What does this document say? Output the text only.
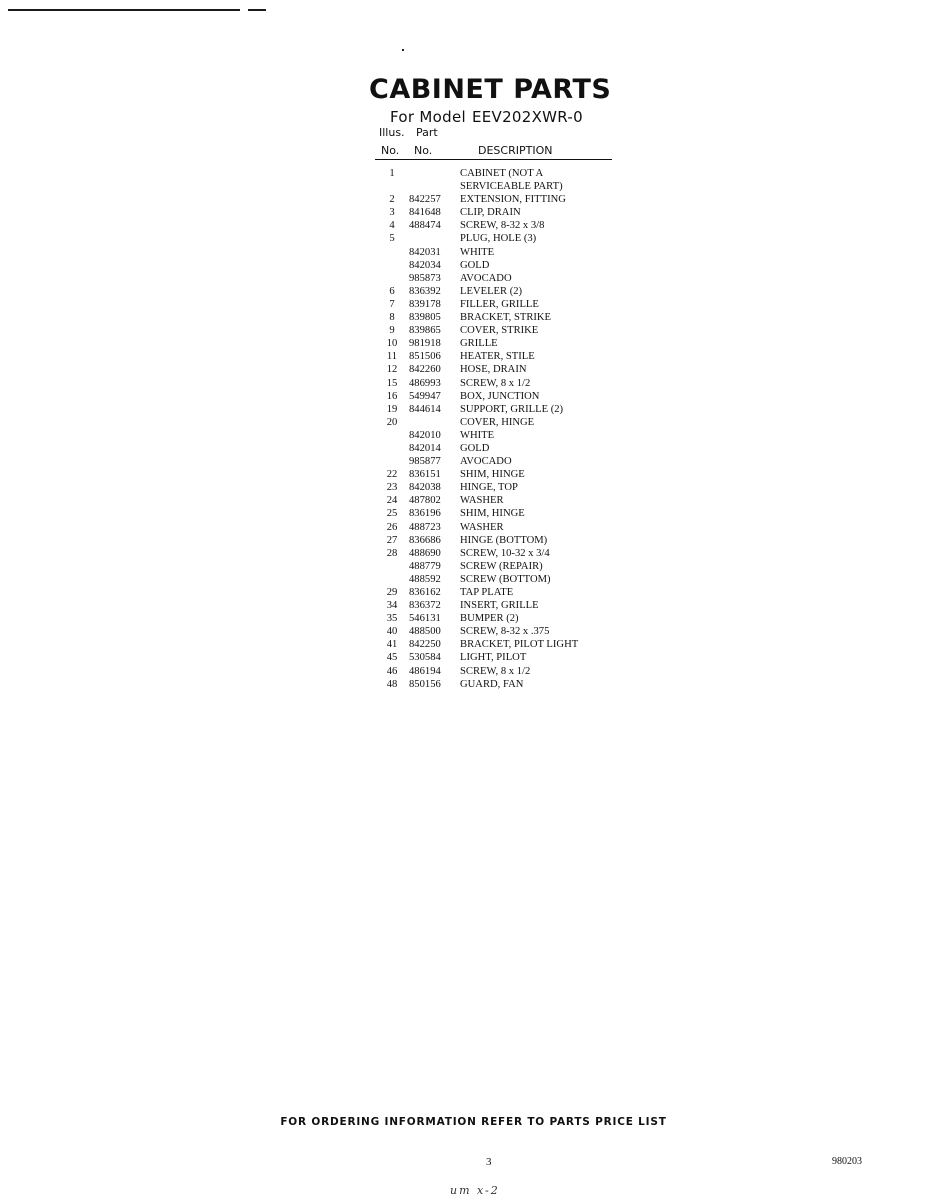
CABINET PARTS
For Model EEV202XWR-0
Illus.
No.
Part
No.	DESCRIPTION
1	CABINET (NOT A
SERVICEABLE PART)
2	842257 EXTENSION, FITTING
3	841648 CLIP, DRAIN
4	488474 SCREW, 8-32 x 3/8
5	PLUG, HOLE (3)
842031 WHITE
842034 GOLD
985873 AVOCADO
6	836392 LEVELER (2)
7	839178 FILLER, GRILLE
8	839805 BRACKET, STRIKE
9	839865 COVER, STRIKE
10	981918 GRILLE
11	851506 HEATER, STILE
12	842260 HOSE, DRAIN
15	486993 SCREW, 8 x 1/2
16	549947 BOX, JUNCTION
19	844614 SUPPORT, GRILLE (2)
20	COVER, HINGE
842010 WHITE
842014 GOLD
985877 AVOCADO
22	836151 SHIM, HINGE
23	842038 HINGE, TOP
24	487802 WASHER
25	836196 SHIM, HINGE
26	488723 WASHER
27	836686 HINGE (BOTTOM)
28	488690 SCREW, 10-32 x 3/4
488779 SCREW (REPAIR)
488592 SCREW (BOTTOM)
29	836162 TAP PLATE
34	836372 INSERT, GRILLE
35	546131 BUMPER (2)
40	488500 SCREW, 8-32 x .375
41	842250 BRACKET, PILOT LIGHT
45	530584 LIGHT, PILOT
46	486194 SCREW, 8 x 1/2
48	850156 GUARD, FAN
FOR ORDERING INFORMATION REFER TO PARTS PRICE LIST
3	980203
um x-2
